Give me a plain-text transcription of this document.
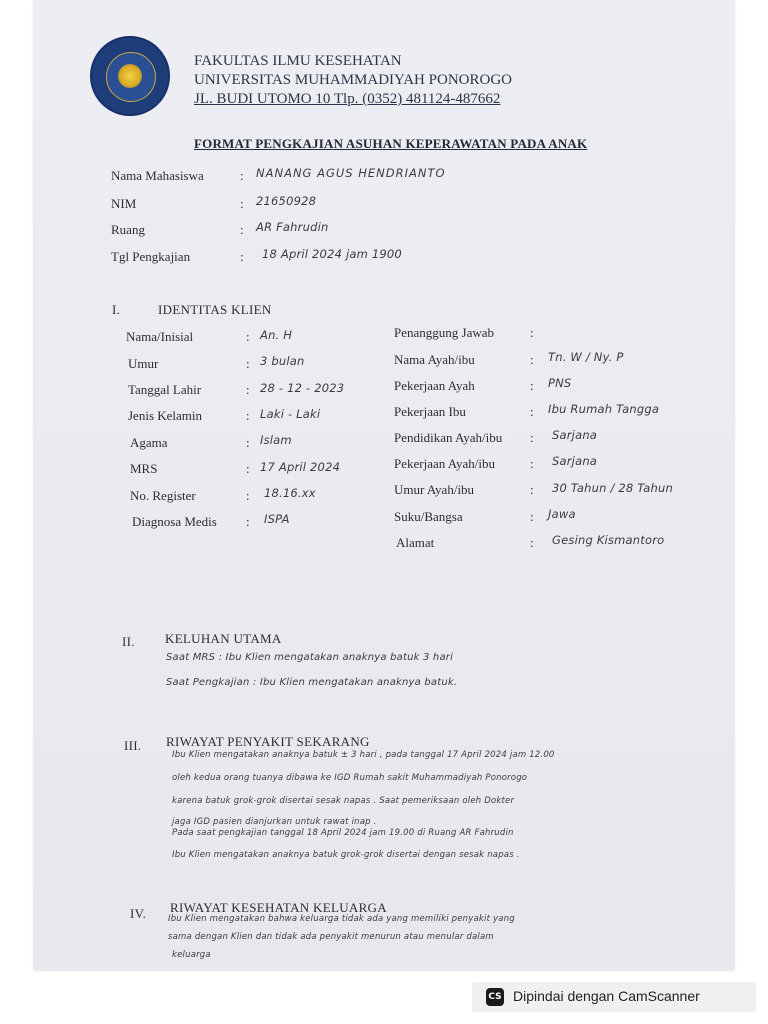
FAKULTAS ILMU KESEHATAN
UNIVERSITAS MUHAMMADIYAH PONOROGO
JL. BUDI UTOMO 10 Tlp. (0352) 481124-487662
FORMAT PENGKAJIAN ASUHAN KEPERAWATAN PADA ANAK
Nama Mahasiswa	: NANANG AGUS HENDRIANTO
NIM	: 21650928
Ruang	: AR Fahrudin
Tgl Pengkajian	: 18 April 2024 jam 1900
I.	IDENTITAS KLIEN
Nama/Inisial	: An. H
Umur	: 3 bulan
Tanggal Lahir	: 28 - 12 - 2023
Jenis Kelamin	: Laki - Laki
Agama	: Islam
MRS	: 17 April 2024
No. Register	: 18.16.xx
Diagnosa Medis : ISPA
Penanggung Jawab	:
Nama Ayah/ibu	: Tn. W / Ny. P
Pekerjaan Ayah	: PNS
Pekerjaan Ibu	: Ibu Rumah Tangga
Pendidikan Ayah/ibu : Sarjana
Pekerjaan Ayah/ibu	: Sarjana
Umur Ayah/ibu	: 30 Tahun / 28 Tahun
Suku/Bangsa	: Jawa
Alamat	: Gesing Kismantoro
II. KELUHAN UTAMA
Saat MRS : Ibu Klien mengatakan anaknya batuk 3 hari
Saat Pengkajian : Ibu Klien mengatakan anaknya batuk.
III. RIWAYAT PENYAKIT SEKARANG
Ibu Klien mengatakan anaknya batuk ± 3 hari , pada tanggal 17 April 2024 jam 12.00
oleh kedua orang tuanya dibawa ke IGD Rumah sakit Muhammadiyah Ponorogo
karena batuk grok-grok disertai sesak napas . Saat pemeriksaan oleh Dokter
jaga IGD pasien dianjurkan untuk rawat inap .
Pada saat pengkajian tanggal 18 April 2024 jam 19.00 di Ruang AR Fahrudin
Ibu Klien mengatakan anaknya batuk grok-grok disertai dengan sesak napas .
IV. RIWAYAT KESEHATAN KELUARGA
Ibu Klien mengatakan bahwa keluarga tidak ada yang memiliki penyakit yang
sama dengan Klien dan tidak ada penyakit menurun atau menular dalam
keluarga
CS Dipindai dengan CamScanner
